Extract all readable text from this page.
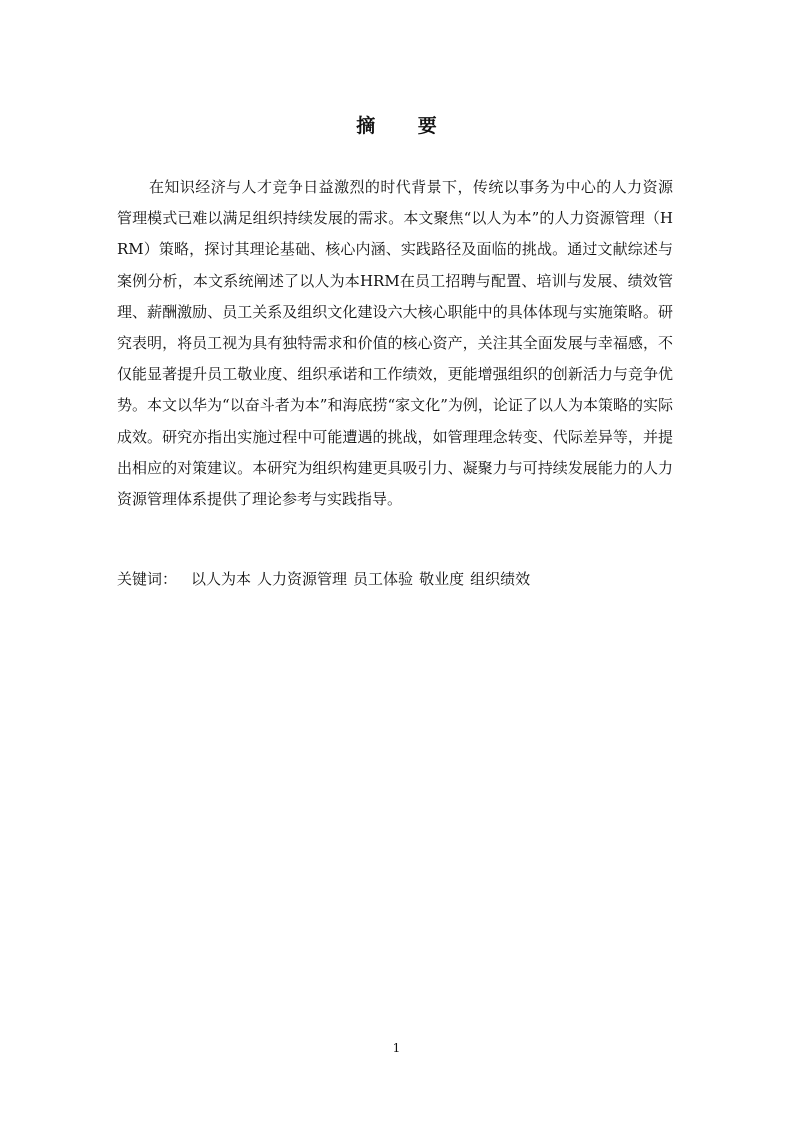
摘 要

在知识经济与人才竞争日益激烈的时代背景下，传统以事务为中心的人力资源管理模式已难以满足组织持续发展的需求。本文聚焦“以人为本”的人力资源管理（HRM）策略，探讨其理论基础、核心内涵、实践路径及面临的挑战。通过文献综述与案例分析，本文系统阐述了以人为本HRM在员工招聘与配置、培训与发展、绩效管理、薪酬激励、员工关系及组织文化建设六大核心职能中的具体体现与实施策略。研究表明，将员工视为具有独特需求和价值的核心资产，关注其全面发展与幸福感，不仅能显著提升员工敬业度、组织承诺和工作绩效，更能增强组织的创新活力与竞争优势。本文以华为“以奋斗者为本”和海底捞“家文化”为例，论证了以人为本策略的实际成效。研究亦指出实施过程中可能遭遇的挑战，如管理理念转变、代际差异等，并提出相应的对策建议。本研究为组织构建更具吸引力、凝聚力与可持续发展能力的人力资源管理体系提供了理论参考与实践指导。

关键词： 以人为本 人力资源管理 员工体验 敬业度 组织绩效

1
